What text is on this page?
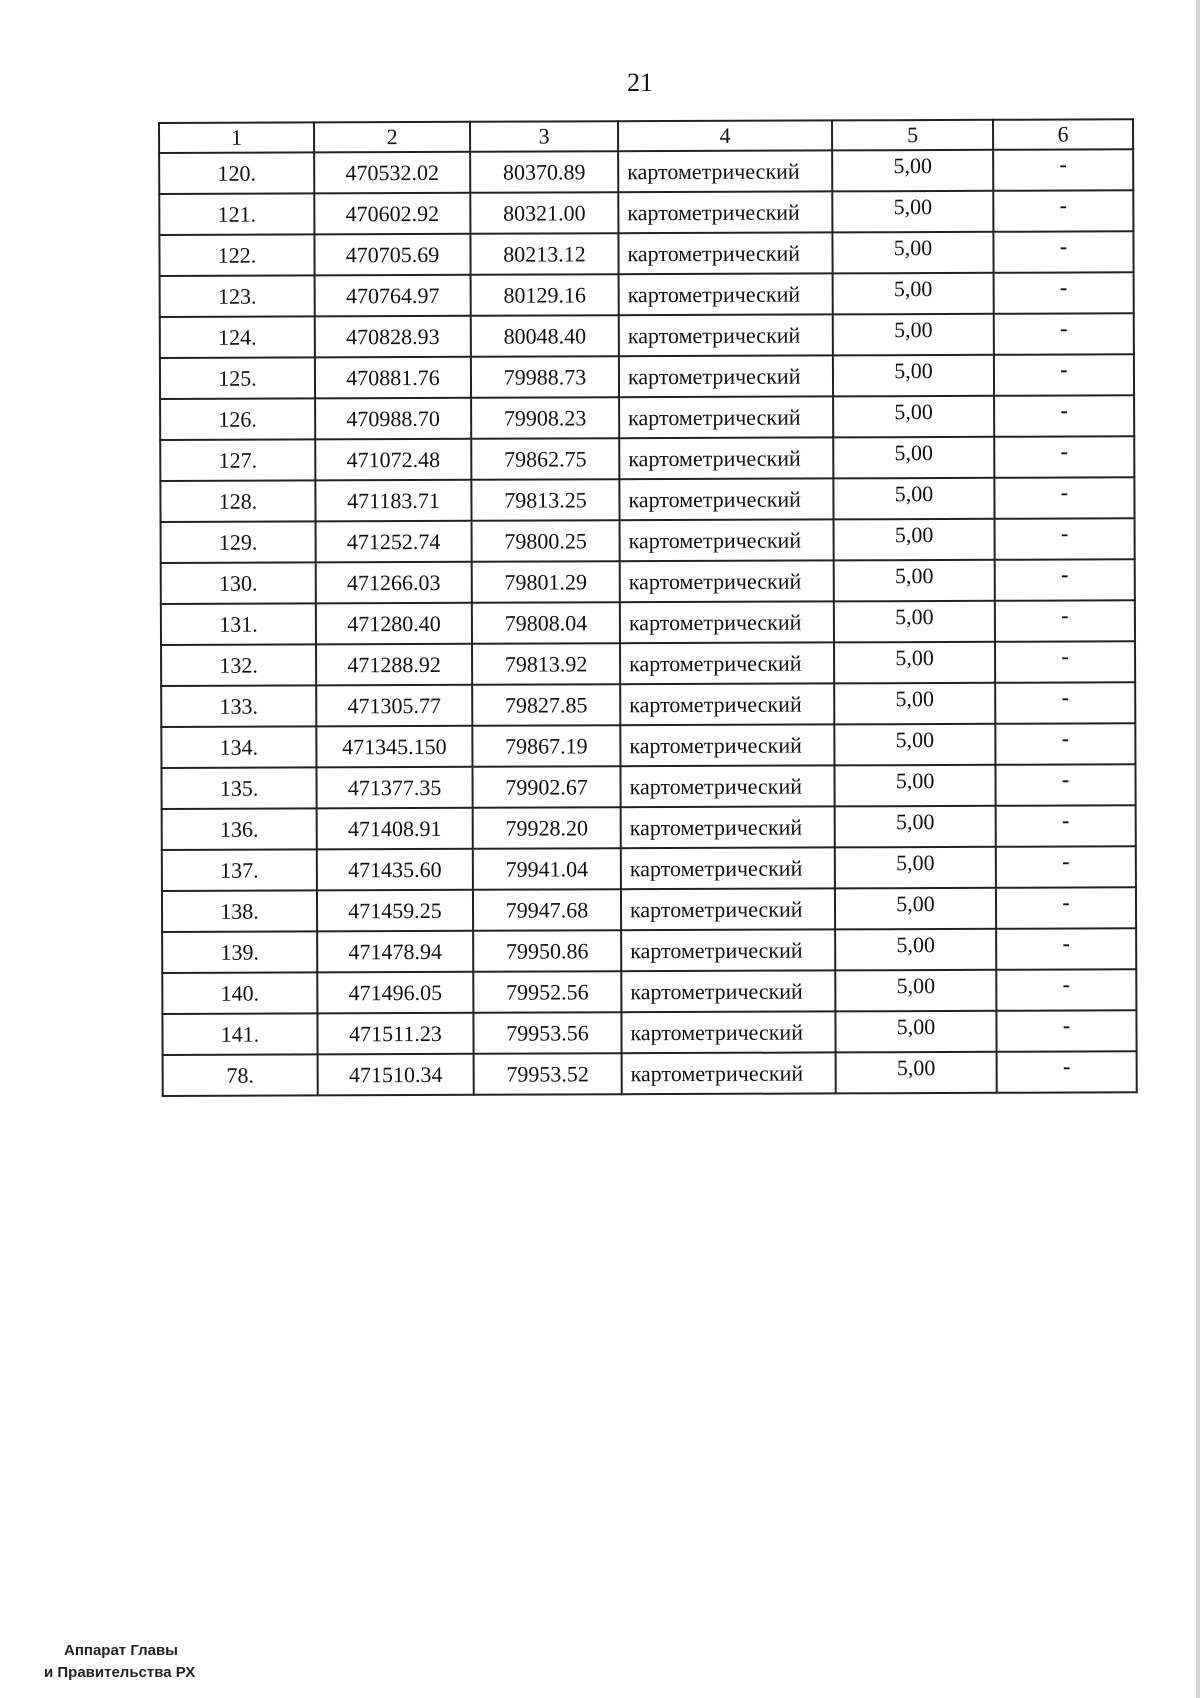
21
1	2	3	4	5	6
120.	470532.02	80370.89	картометрический	5,00	-
121.	470602.92	80321.00	картометрический	5,00	-
122.	470705.69	80213.12	картометрический	5,00	-
123.	470764.97	80129.16	картометрический	5,00	-
124.	470828.93	80048.40	картометрический	5,00	-
125.	470881.76	79988.73	картометрический	5,00	-
126.	470988.70	79908.23	картометрический	5,00	-
127.	471072.48	79862.75	картометрический	5,00	-
128.	471183.71	79813.25	картометрический	5,00	-
129.	471252.74	79800.25	картометрический	5,00	-
130.	471266.03	79801.29	картометрический	5,00	-
131.	471280.40	79808.04	картометрический	5,00	-
132.	471288.92	79813.92	картометрический	5,00	-
133.	471305.77	79827.85	картометрический	5,00	-
134.	471345.150	79867.19	картометрический	5,00	-
135.	471377.35	79902.67	картометрический	5,00	-
136.	471408.91	79928.20	картометрический	5,00	-
137.	471435.60	79941.04	картометрический	5,00	-
138.	471459.25	79947.68	картометрический	5,00	-
139.	471478.94	79950.86	картометрический	5,00	-
140.	471496.05	79952.56	картометрический	5,00	-
141.	471511.23	79953.56	картометрический	5,00	-
78.	471510.34	79953.52	картометрический	5,00	-
Аппарат Главы
и Правительства РХ
